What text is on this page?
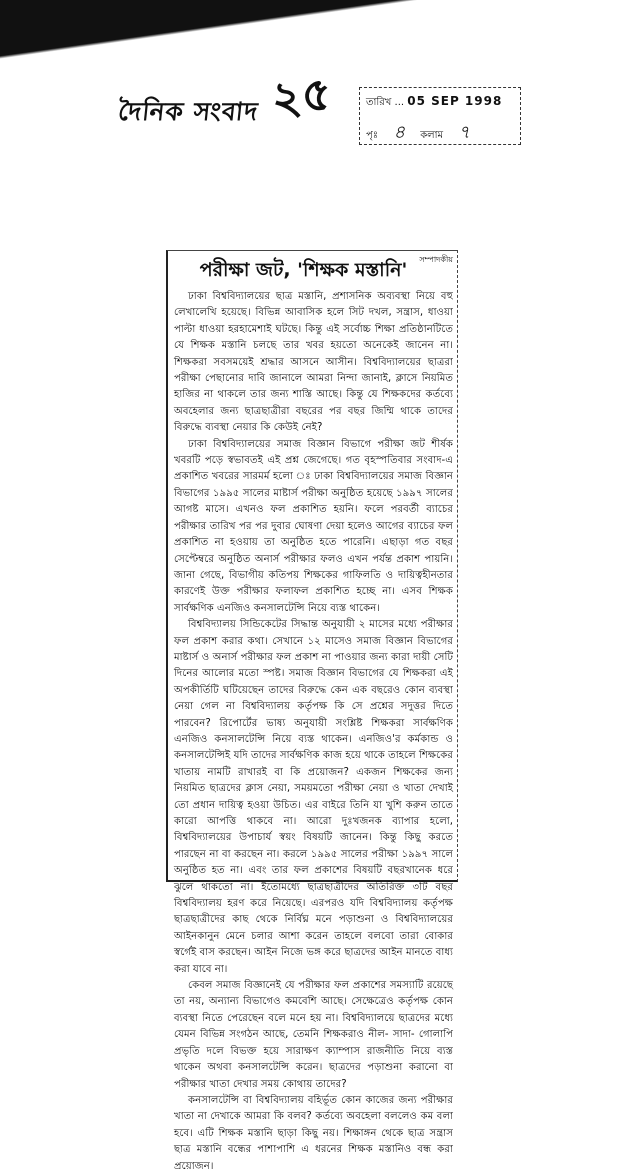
দৈনিক সংবাদ ২৫	তারিখ ... 05 SEP 1998
পৃঃ ৪ কলাম ৭
সম্পাদকীয়
পরীক্ষা জট, 'শিক্ষক মস্তানি'

ঢাকা বিশ্ববিদ্যালয়ের ছাত্র মস্তানি, প্রশাসনিক অব্যবস্থা নিয়ে বহু লেখালেখি হয়েছে। বিভিন্ন আবাসিক হলে সিট দখল, সন্ত্রাস, ধাওয়া পাল্টা ধাওয়া হরহামেশাই ঘটছে। কিন্তু এই সর্বোচ্চ শিক্ষা প্রতিষ্ঠানটিতে যে শিক্ষক মস্তানি চলছে তার খবর হয়তো অনেকেই জানেন না। শিক্ষকরা সবসময়েই শ্রদ্ধার আসনে আসীন। বিশ্ববিদ্যালয়ের ছাত্ররা পরীক্ষা পেছানোর দাবি জানালে আমরা নিন্দা জানাই, ক্লাসে নিয়মিত হাজির না থাকলে তার জন্য শাস্তি আছে। কিন্তু যে শিক্ষকদের কর্তব্যে অবহেলার জন্য ছাত্রছাত্রীরা বছরের পর বছর জিম্মি থাকে তাদের বিরুদ্ধে ব্যবস্থা নেয়ার কি কেউই নেই?

ঢাকা বিশ্ববিদ্যালয়ের সমাজ বিজ্ঞান বিভাগে পরীক্ষা জট শীর্ষক খবরটি পড়ে স্বভাবতই এই প্রশ্ন জেগেছে। গত বৃহস্পতিবার সংবাদ-এ প্রকাশিত খবরের সারমর্ম হলো ঃ ঢাকা বিশ্ববিদ্যালয়ের সমাজ বিজ্ঞান বিভাগের ১৯৯৫ সালের মাষ্টার্স পরীক্ষা অনুষ্ঠিত হয়েছে ১৯৯৭ সালের আগষ্ট মাসে। এখনও ফল প্রকাশিত হয়নি। ফলে পরবর্তী ব্যাচের পরীক্ষার তারিখ পর পর দুবার ঘোষণা দেয়া হলেও আগের ব্যাচের ফল প্রকাশিত না হওয়ায় তা অনুষ্ঠিত হতে পারেনি। এছাড়া গত বছর সেপ্টেম্বরে অনুষ্ঠিত অনার্স পরীক্ষার ফলও এখন পর্যন্ত প্রকাশ পায়নি। জানা গেছে, বিভাগীয় কতিপয় শিক্ষকের গাফিলতি ও দায়িত্বহীনতার কারণেই উক্ত পরীক্ষার ফলাফল প্রকাশিত হচ্ছে না। এসব শিক্ষক সার্বক্ষণিক এনজিও কনসালটেন্সি নিয়ে ব্যস্ত থাকেন।

বিশ্ববিদ্যালয় সিন্ডিকেটের সিদ্ধান্ত অনুযায়ী ২ মাসের মধ্যে পরীক্ষার ফল প্রকাশ করার কথা। সেখানে ১২ মাসেও সমাজ বিজ্ঞান বিভাগের মাষ্টার্স ও অনার্স পরীক্ষার ফল প্রকাশ না পাওয়ার জন্য কারা দায়ী সেটি দিনের আলোর মতো স্পষ্ট। সমাজ বিজ্ঞান বিভাগের যে শিক্ষকরা এই অপকীর্তিটি ঘটিয়েছেন তাদের বিরুদ্ধে কেন এক বছরেও কোন ব্যবস্থা নেয়া গেল না বিশ্ববিদ্যালয় কর্তৃপক্ষ কি সে প্রশ্নের সদুত্তর দিতে পারবেন? রিপোর্টের ভাষ্য অনুযায়ী সংশ্লিষ্ট শিক্ষকরা সার্বক্ষণিক এনজিও কনসালটেন্সি নিয়ে ব্যস্ত থাকেন। এনজিও'র কর্মকান্ড ও কনসালটেন্সিই যদি তাদের সার্বক্ষণিক কাজ হয়ে থাকে তাহলে শিক্ষকের খাতায় নামটি রাখারই বা কি প্রয়োজন? একজন শিক্ষকের জন্য নিয়মিত ছাত্রদের ক্লাস নেয়া, সময়মতো পরীক্ষা নেয়া ও খাতা দেখাই তো প্রধান দায়িত্ব হওয়া উচিত। এর বাইরে তিনি যা খুশি করুন তাতে কারো আপত্তি থাকবে না। আরো দুঃখজনক ব্যাপার হলো, বিশ্ববিদ্যালয়ের উপাচার্য স্বয়ং বিষয়টি জানেন। কিন্তু কিছু করতে পারছেন না বা করছেন না। করলে ১৯৯৫ সালের পরীক্ষা ১৯৯৭ সালে অনুষ্ঠিত হত না। এবং তার ফল প্রকাশের বিষয়টি বছরখানেক ধরে ঝুলে থাকতো না। ইতোমধ্যে ছাত্রছাত্রীদের অতিরিক্ত ৩টি বছর বিশ্ববিদ্যালয় হরণ করে নিয়েছে। এরপরও যদি বিশ্ববিদ্যালয় কর্তৃপক্ষ ছাত্রছাত্রীদের কাছ থেকে নির্বিঘ্ন মনে পড়াশুনা ও বিশ্ববিদ্যালয়ের আইনকানুন মেনে চলার আশা করেন তাহলে বলবো তারা বোকার স্বর্গেই বাস করছেন। আইন নিজে ভঙ্গ করে ছাত্রদের আইন মানতে বাধ্য করা যাবে না।

কেবল সমাজ বিজ্ঞানেই যে পরীক্ষার ফল প্রকাশের সমস্যাটি রয়েছে তা নয়, অন্যান্য বিভাগেও কমবেশি আছে। সেক্ষেত্রেও কর্তৃপক্ষ কোন ব্যবস্থা নিতে পেরেছেন বলে মনে হয় না। বিশ্ববিদ্যালয়ে ছাত্রদের মধ্যে যেমন বিভিন্ন সংগঠন আছে, তেমনি শিক্ষকরাও নীল- সাদা- গোলাপি প্রভৃতি দলে বিভক্ত হয়ে সারাক্ষণ ক্যাম্পাস রাজনীতি নিয়ে ব্যস্ত থাকেন অথবা কনসালটেন্সি করেন। ছাত্রদের পড়াশুনা করানো বা পরীক্ষার খাতা দেখার সময় কোথায় তাদের?

কনসালটেন্সি বা বিশ্ববিদ্যালয় বহির্ভূত কোন কাজের জন্য পরীক্ষার খাতা না দেখাকে আমরা কি বলব? কর্তব্যে অবহেলা বললেও কম বলা হবে। এটি শিক্ষক মস্তানি ছাড়া কিছু নয়। শিক্ষাঙ্গন থেকে ছাত্র সন্ত্রাস ছাত্র মস্তানি বন্ধের পাশাপাশি এ ধরনের শিক্ষক মস্তানিও বন্ধ করা প্রয়োজন।
